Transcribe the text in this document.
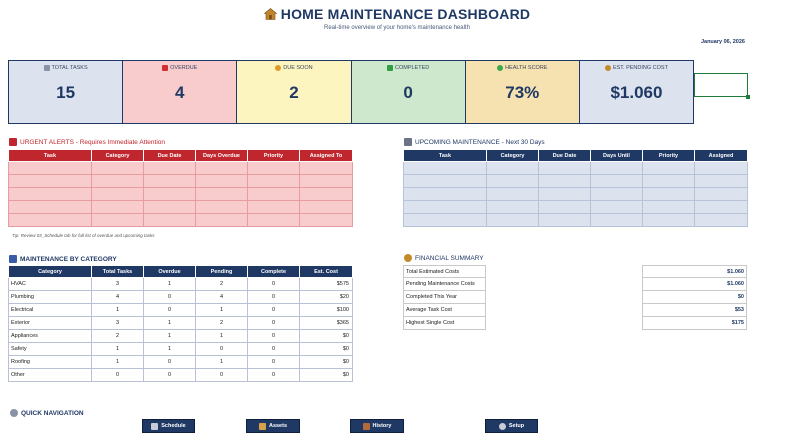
HOME MAINTENANCE DASHBOARD
Real-time overview of your home's maintenance health
January 06, 2026
TOTAL TASKS
15
OVERDUE
4
DUE SOON
2
COMPLETED
0
HEALTH SCORE
73%
EST. PENDING COST
$1.060
URGENT ALERTS - Requires Immediate Attention
Task	Category	Due Date	Days Overdue	Priority	Assigned To

Tip: Review 03_Schedule tab for full list of overdue and upcoming tasks
UPCOMING MAINTENANCE - Next 30 Days
Task	Category	Due Date	Days Until	Priority	Assigned

MAINTENANCE BY CATEGORY
Category	Total Tasks	Overdue	Pending	Complete	Est. Cost
HVAC	3	1	2	0	$575
Plumbing	4	0	4	0	$20
Electrical	1	0	1	0	$100
Exterior	3	1	2	0	$365
Appliances	2	1	1	0	$0
Safety	1	1	0	0	$0
Roofing	1	0	1	0	$0
Other	0	0	0	0	$0
FINANCIAL SUMMARY
Total Estimated Costs	$1.060
Pending Maintenance Costs	$1.060
Completed This Year	$0
Average Task Cost	$53
Highest Single Cost	$175
QUICK NAVIGATION
Schedule	Assets	History	Setup
